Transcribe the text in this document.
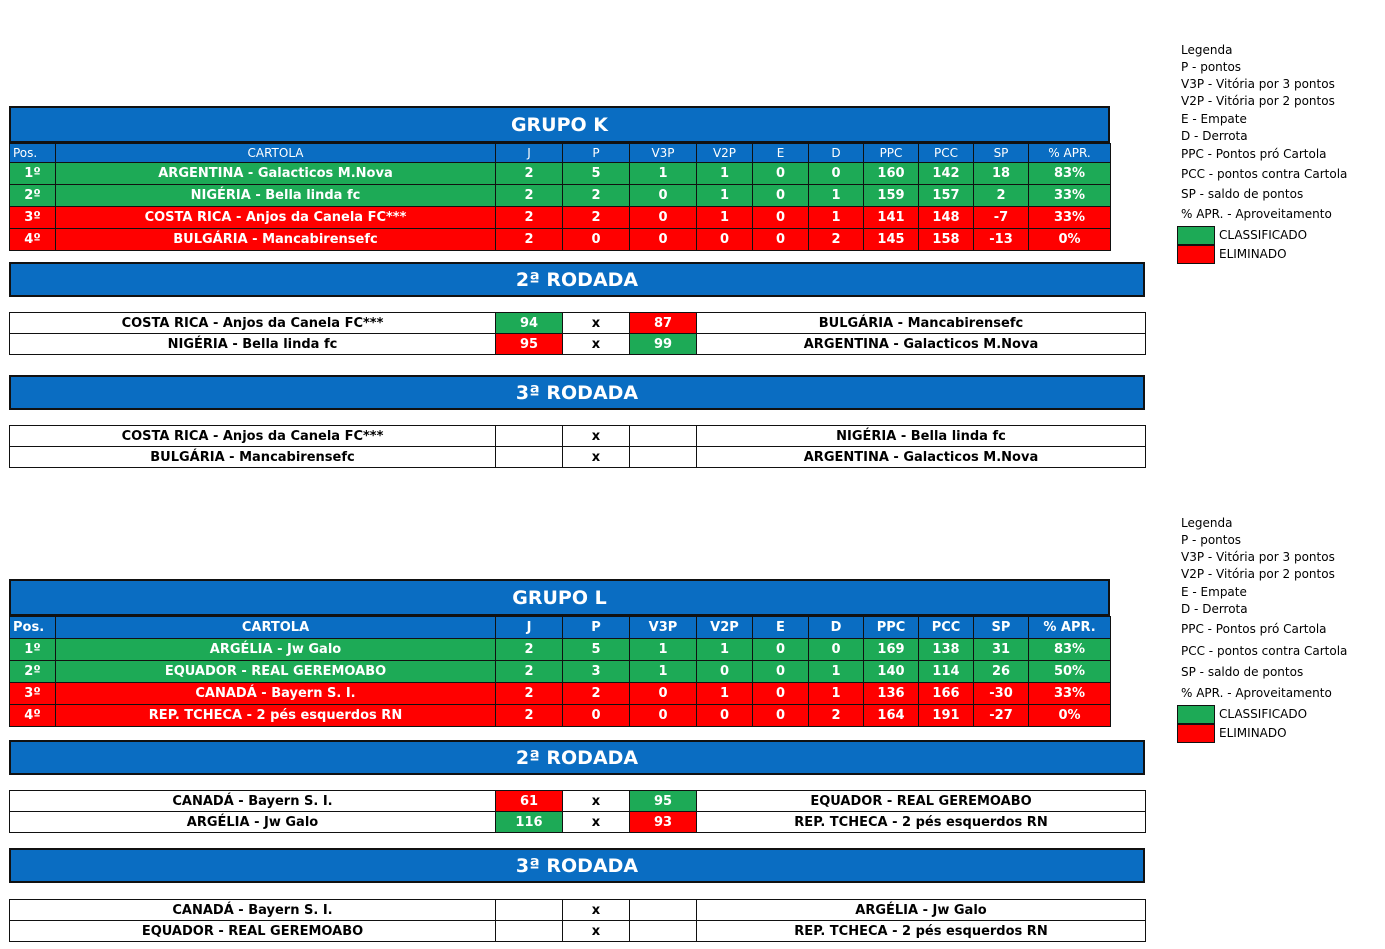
GRUPO K
Pos.	CARTOLA	J	P	V3P	V2P	E	D	PPC	PCC	SP	% APR.
1º	ARGENTINA - Galacticos M.Nova	2	5	1	1	0	0	160	142	18	83%
2º	NIGÉRIA - Bella linda fc	2	2	0	1	0	1	159	157	2	33%
3º	COSTA RICA - Anjos da Canela FC***	2	2	0	1	0	1	141	148	-7	33%
4º	BULGÁRIA - Mancabirensefc	2	0	0	0	0	2	145	158	-13	0%
2ª RODADA
COSTA RICA - Anjos da Canela FC***	94	x	87	BULGÁRIA - Mancabirensefc
NIGÉRIA - Bella linda fc	95	x	99	ARGENTINA - Galacticos M.Nova
3ª RODADA
COSTA RICA - Anjos da Canela FC***		x		NIGÉRIA - Bella linda fc
BULGÁRIA - Mancabirensefc		x		ARGENTINA - Galacticos M.Nova
Legenda
P - pontos
V3P - Vitória por 3 pontos
V2P - Vitória por 2 pontos
E - Empate
D - Derrota
PPC - Pontos pró Cartola
PCC - pontos contra Cartola
SP - saldo de pontos
% APR. - Aproveitamento
CLASSIFICADO
ELIMINADO
GRUPO L
Pos.	CARTOLA	J	P	V3P	V2P	E	D	PPC	PCC	SP	% APR.
1º	ARGÉLIA - Jw Galo	2	5	1	1	0	0	169	138	31	83%
2º	EQUADOR - REAL GEREMOABO	2	3	1	0	0	1	140	114	26	50%
3º	CANADÁ - Bayern S. I.	2	2	0	1	0	1	136	166	-30	33%
4º	REP. TCHECA - 2 pés esquerdos RN	2	0	0	0	0	2	164	191	-27	0%
2ª RODADA
CANADÁ - Bayern S. I.	61	x	95	EQUADOR - REAL GEREMOABO
ARGÉLIA - Jw Galo	116	x	93	REP. TCHECA - 2 pés esquerdos RN
3ª RODADA
CANADÁ - Bayern S. I.		x		ARGÉLIA - Jw Galo
EQUADOR - REAL GEREMOABO		x		REP. TCHECA - 2 pés esquerdos RN
Legenda
P - pontos
V3P - Vitória por 3 pontos
V2P - Vitória por 2 pontos
E - Empate
D - Derrota
PPC - Pontos pró Cartola
PCC - pontos contra Cartola
SP - saldo de pontos
% APR. - Aproveitamento
CLASSIFICADO
ELIMINADO
